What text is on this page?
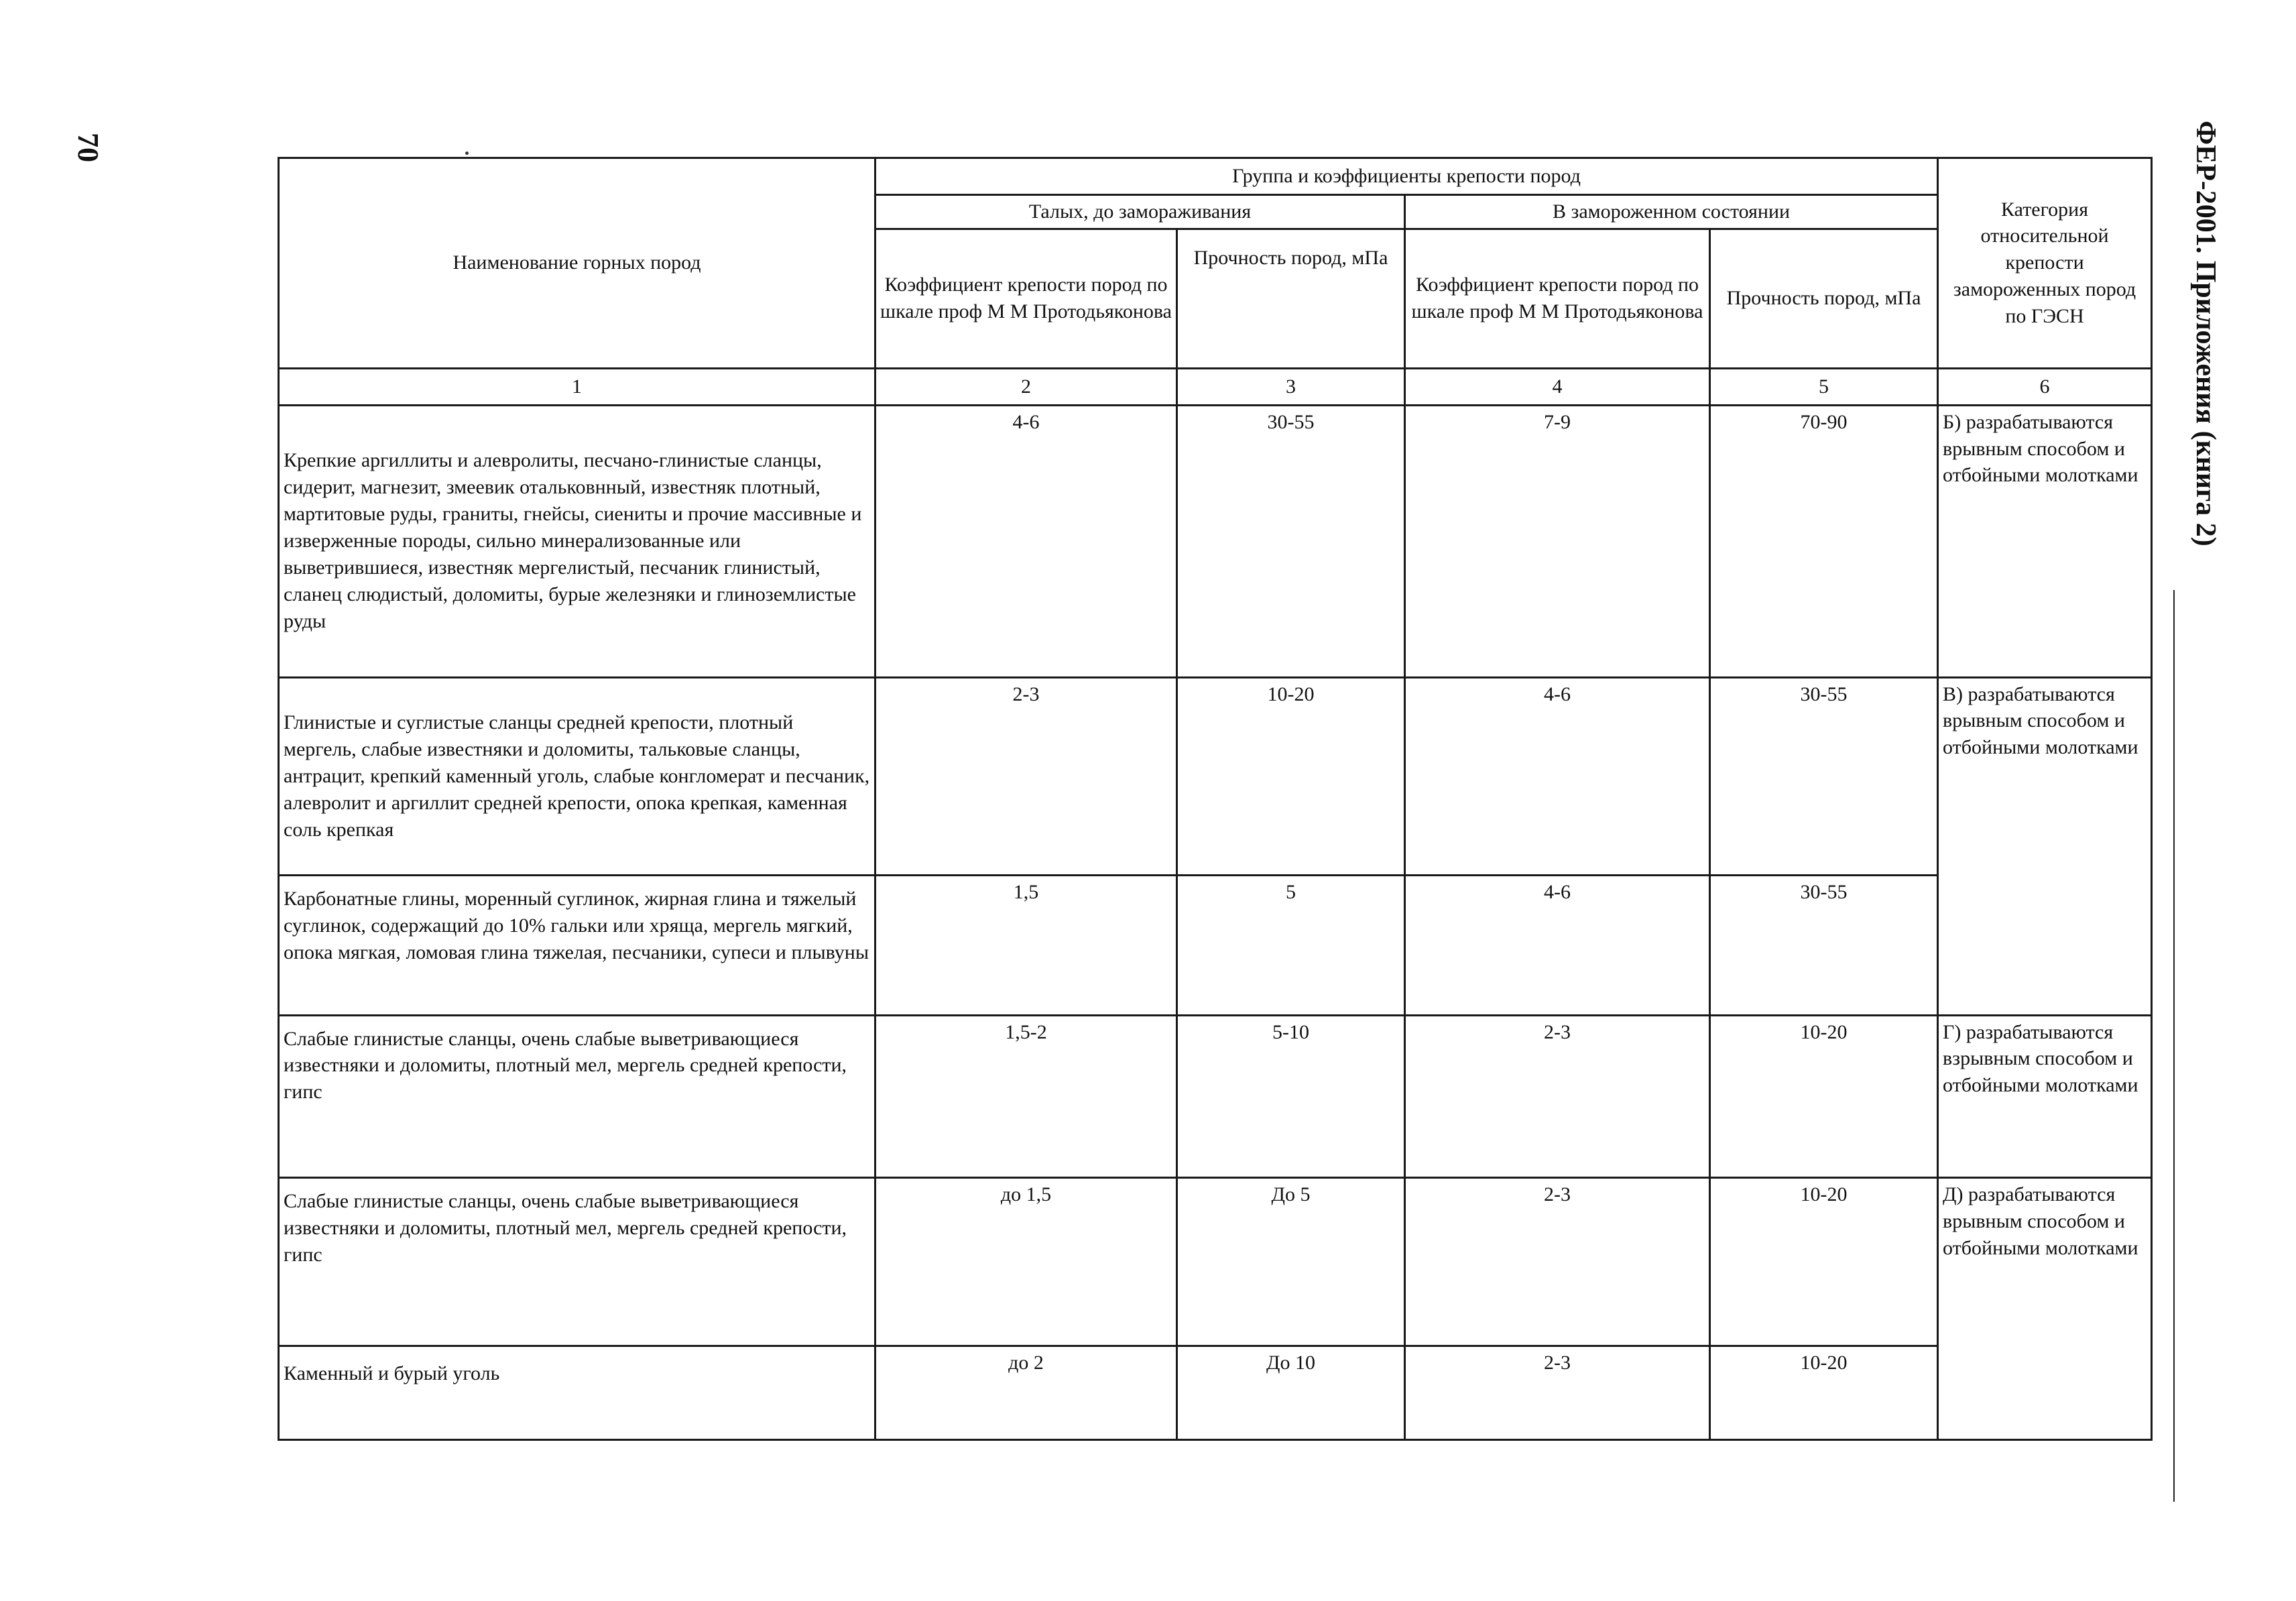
70	ФЕР-2001. Приложения (книга 2)
Наименование горных пород	Группа и коэффициенты крепости пород				Категория относительной крепости замороженных пород по ГЭСН
	Талых, до замораживания		В замороженном состоянии		
	Коэффициент крепости пород по шкале проф М М Протодьяконова	Прочность пород, мПа	Коэффициент крепости пород по шкале проф М М Протодьяконова	Прочность пород, мПа	
1	2	3	4	5	6
Крепкие аргиллиты и алевролиты, песчано-глинистые сланцы, сидерит, магнезит, змеевик отальковнный, известняк плотный, мартитовые руды, граниты, гнейсы, сиениты и прочие массивные и изверженные породы, сильно минерализованные или выветрившиеся, известняк мергелистый, песчаник глинистый, сланец слюдистый, доломиты, бурые железняки и глиноземлистые руды	4-6	30-55	7-9	70-90	Б) разрабатываются врывным способом и отбойными молотками
Глинистые и суглистые сланцы средней крепости, плотный мергель, слабые известняки и доломиты, тальковые сланцы, антрацит, крепкий каменный уголь, слабые конгломерат и песчаник, алевролит и аргиллит средней крепости, опока крепкая, каменная соль крепкая	2-3	10-20	4-6	30-55	В) разрабатываются врывным способом и отбойными молотками
Карбонатные глины, моренный суглинок, жирная глина и тяжелый суглинок, содержащий до 10% гальки или хряща, мергель мягкий, опока мягкая, ломовая глина тяжелая, песчаники, супеси и плывуны	1,5	5	4-6	30-55	
Слабые глинистые сланцы, очень слабые выветривающиеся известняки и доломиты, плотный мел, мергель средней крепости, гипс	1,5-2	5-10	2-3	10-20	Г) разрабатываются взрывным способом и отбойными молотками
Слабые глинистые сланцы, очень слабые выветривающиеся известняки и доломиты, плотный мел, мергель средней крепости, гипс	до 1,5	До 5	2-3	10-20	Д) разрабатываются врывным способом и отбойными молотками
Каменный и бурый уголь	до 2	До 10	2-3	10-20	
